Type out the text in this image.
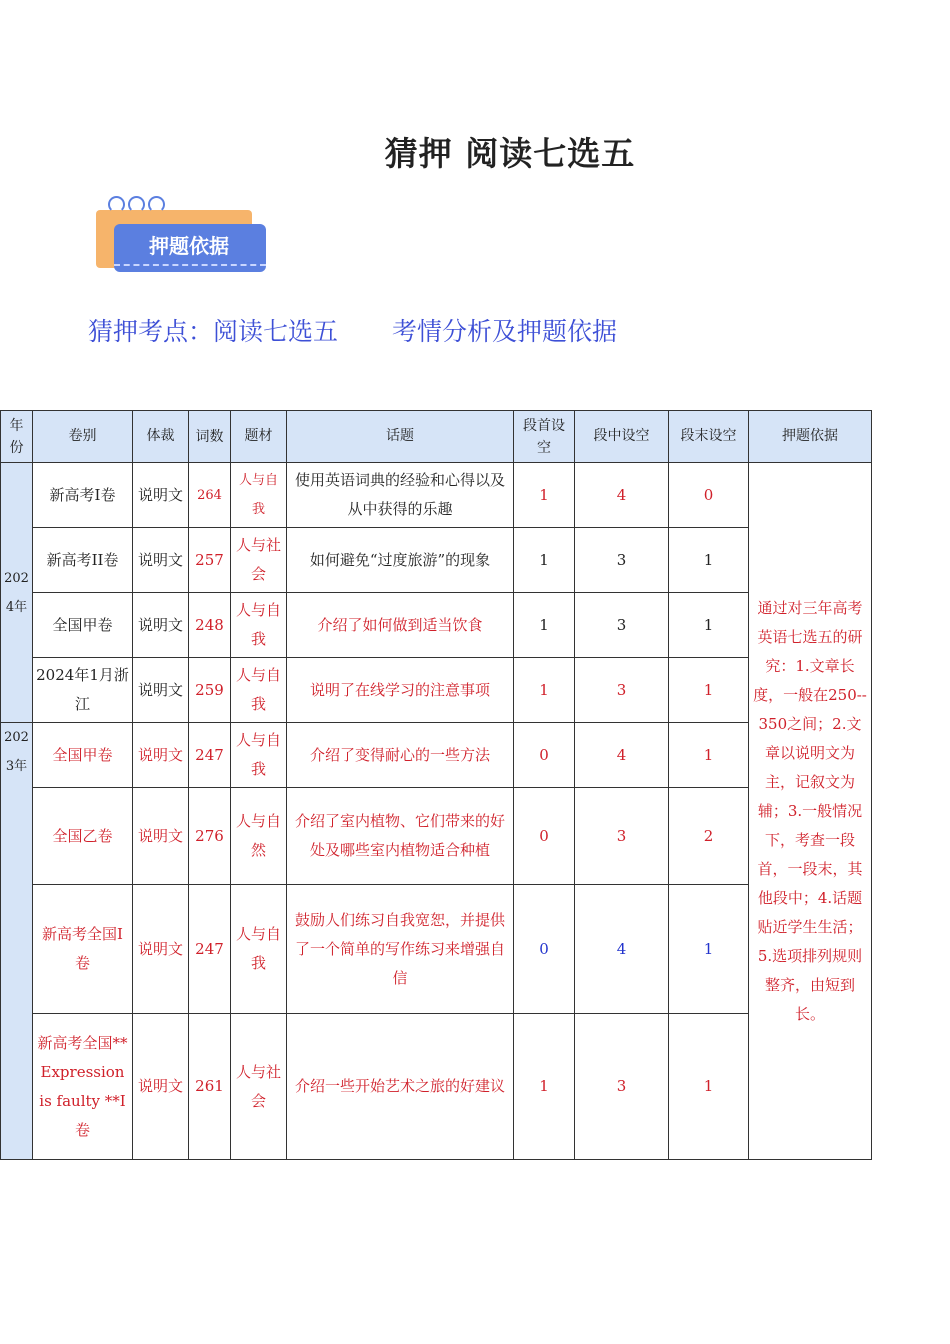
猜押 阅读七选五
押题依据
猜押考点：阅读七选五 考情分析及押题依据
年份	卷别	体裁	词数	题材	话题	段首设空	段中设空	段末设空	押题依据
2024年	新高考I卷	说明文	264	人与自我	使用英语词典的经验和心得以及从中获得的乐趣	1	4	0	通过对三年高考英语七选五的研究：1.文章长度，一般在250--350之间；2.文章以说明文为主，记叙文为辅；3.一般情况下，考查一段首，一段末，其他段中；4.话题贴近学生生活；5.选项排列规则整齐，由短到长。
	新高考II卷	说明文	257	人与社会	如何避免“过度旅游”的现象	1	3	1	
	全国甲卷	说明文	248	人与自我	介绍了如何做到适当饮食	1	3	1	
	2024年1月浙江	说明文	259	人与自我	说明了在线学习的注意事项	1	3	1	
2023年	全国甲卷	说明文	247	人与自我	介绍了变得耐心的一些方法	0	4	1	
	全国乙卷	说明文	276	人与自然	介绍了室内植物、它们带来的好处及哪些室内植物适合种植	0	3	2	
	新高考全国I卷	说明文	247	人与自我	鼓励人们练习自我宽恕，并提供了一个简单的写作练习来增强自信	0	4	1	
	新高考全国** Expression is faulty **I卷	说明文	261	人与社会	介绍一些开始艺术之旅的好建议	1	3	1	
